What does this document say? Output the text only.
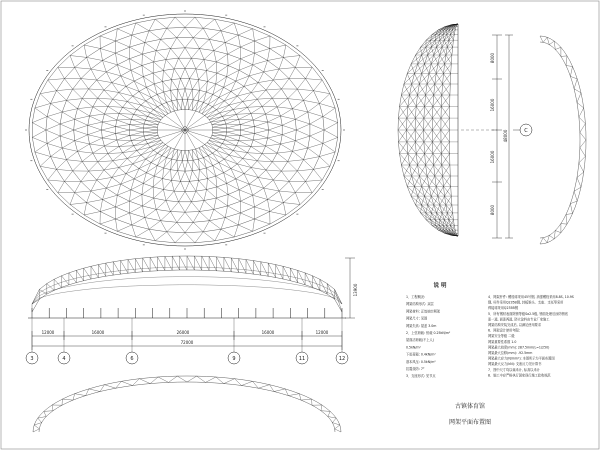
8000
16000
16000
8000
48000	C
13900
12000	16000	26000	16000	12000
72000
3	4	6	9	11	12
说 明
1、工程概况:
网架结构形式: 双层
网架材料: 正放抽空网架
网架尺寸: 见图
网架矢高: 屋盖 3.0m
2、上弦荷载: 恒载 0.25kN/m²
屋面活荷载(不上人)
0.5kN/m²
下弦荷载: 0.4kN/m²
基本风压: 0.5kN/m²
抗震设防: 7°
3、支座形式: 见节点
4、网架杆件: 螺栓球采用45号钢, 高强螺栓采用8.8S, 10.9S
钢, 杆件采用Q235B钢, 封板锥头、支座、支托等采用
焊接球采用Q235B钢
5、所有钢材表面除锈等级Sa2.5级, 锈面处理后涂防锈底
漆一道, 面漆两道, 防火涂料由专业厂家施工
网架结构安装完成后, 以满足使用要求
6、网架设计使用年限:
网架安全等级 二级
网架重要性系数 1.0
网架最大挠度(mm): 287.5mm(L=1/250)
网架最大位移(mm): -92.5mm
网架最大应力(N/mm²): 本图所示为平面布置图
网架最大反力(kN): 支座反力见计算书
7、图中尺寸均以毫米计, 标高以米计
8、施工中应严格执行国家现行施工验收规范
古镇体育馆
网架平面布置图
